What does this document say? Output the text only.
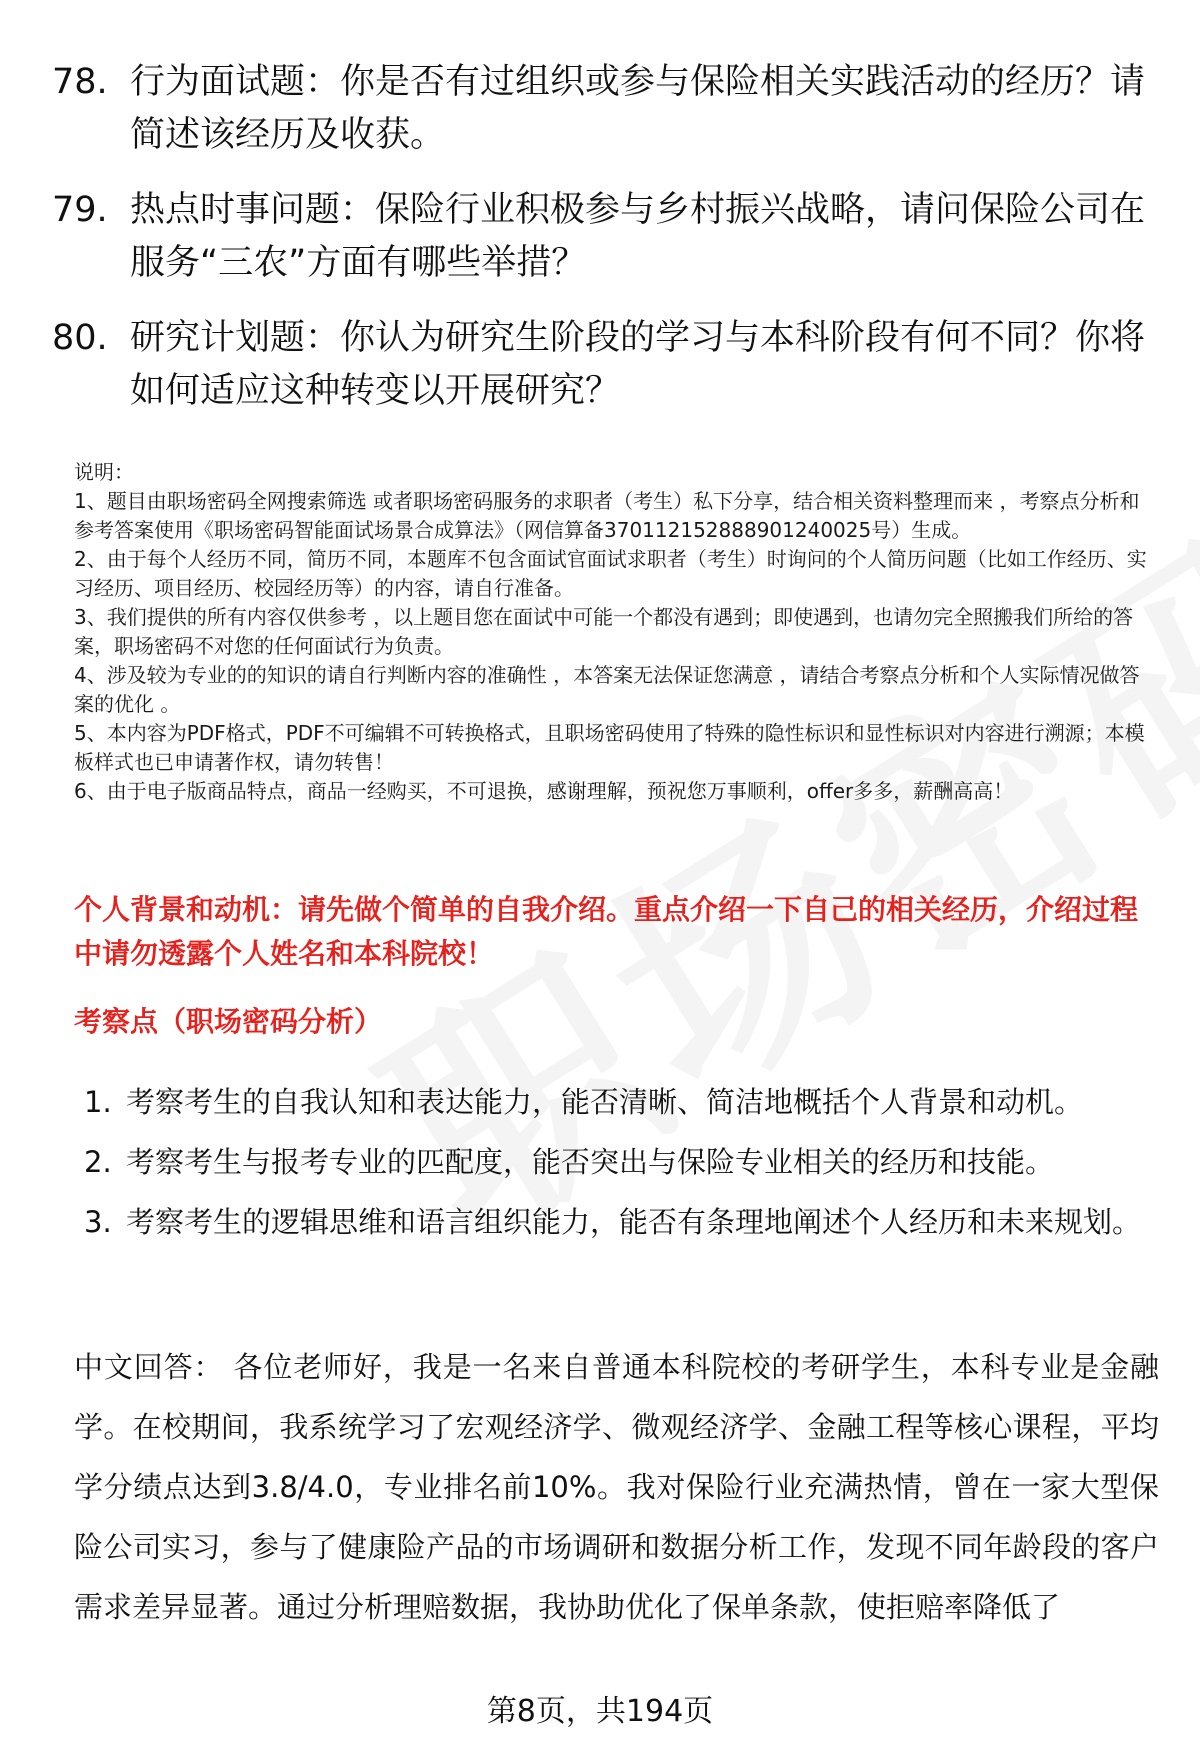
78. 行为面试题：你是否有过组织或参与保险相关实践活动的经历？请简述该经历及收获。
79. 热点时事问题：保险行业积极参与乡村振兴战略，请问保险公司在服务“三农”方面有哪些举措？
80. 研究计划题：你认为研究生阶段的学习与本科阶段有何不同？你将如何适应这种转变以开展研究？

说明：

1、题目由职场密码全网搜索筛选 或者职场密码服务的求职者（考生）私下分享，结合相关资料整理而来 ，考察点分析和参考答案使用《职场密码智能面试场景合成算法》（网信算备370112152888901240025号）生成。

2、由于每个人经历不同，简历不同，本题库不包含面试官面试求职者（考生）时询问的个人简历问题（比如工作经历、实习经历、项目经历、校园经历等）的内容，请自行准备。

3、我们提供的所有内容仅供参考 ，以上题目您在面试中可能一个都没有遇到；即使遇到，也请勿完全照搬我们所给的答案，职场密码不对您的任何面试行为负责。

4、涉及较为专业的的知识的请自行判断内容的准确性 ，本答案无法保证您满意 ，请结合考察点分析和个人实际情况做答案的优化 。

5、本内容为PDF格式，PDF不可编辑不可转换格式，且职场密码使用了特殊的隐性标识和显性标识对内容进行溯源；本模板样式也已申请著作权，请勿转售！

6、由于电子版商品特点，商品一经购买，不可退换，感谢理解，预祝您万事顺利，offer多多，薪酬高高！

个人背景和动机：请先做个简单的自我介绍。重点介绍一下自己的相关经历，介绍过程中请勿透露个人姓名和本科院校！
考察点（职场密码分析）
1. 考察考生的自我认知和表达能力，能否清晰、简洁地概括个人背景和动机。
2. 考察考生与报考专业的匹配度，能否突出与保险专业相关的经历和技能。
3. 考察考生的逻辑思维和语言组织能力，能否有条理地阐述个人经历和未来规划。

中文回答： 各位老师好，我是一名来自普通本科院校的考研学生，本科专业是金融学。在校期间，我系统学习了宏观经济学、微观经济学、金融工程等核心课程，平均学分绩点达到3.8/4.0，专业排名前10%。我对保险行业充满热情，曾在一家大型保险公司实习，参与了健康险产品的市场调研和数据分析工作，发现不同年龄段的客户需求差异显著。通过分析理赔数据，我协助优化了保单条款，使拒赔率降低了

第8页，共194页
